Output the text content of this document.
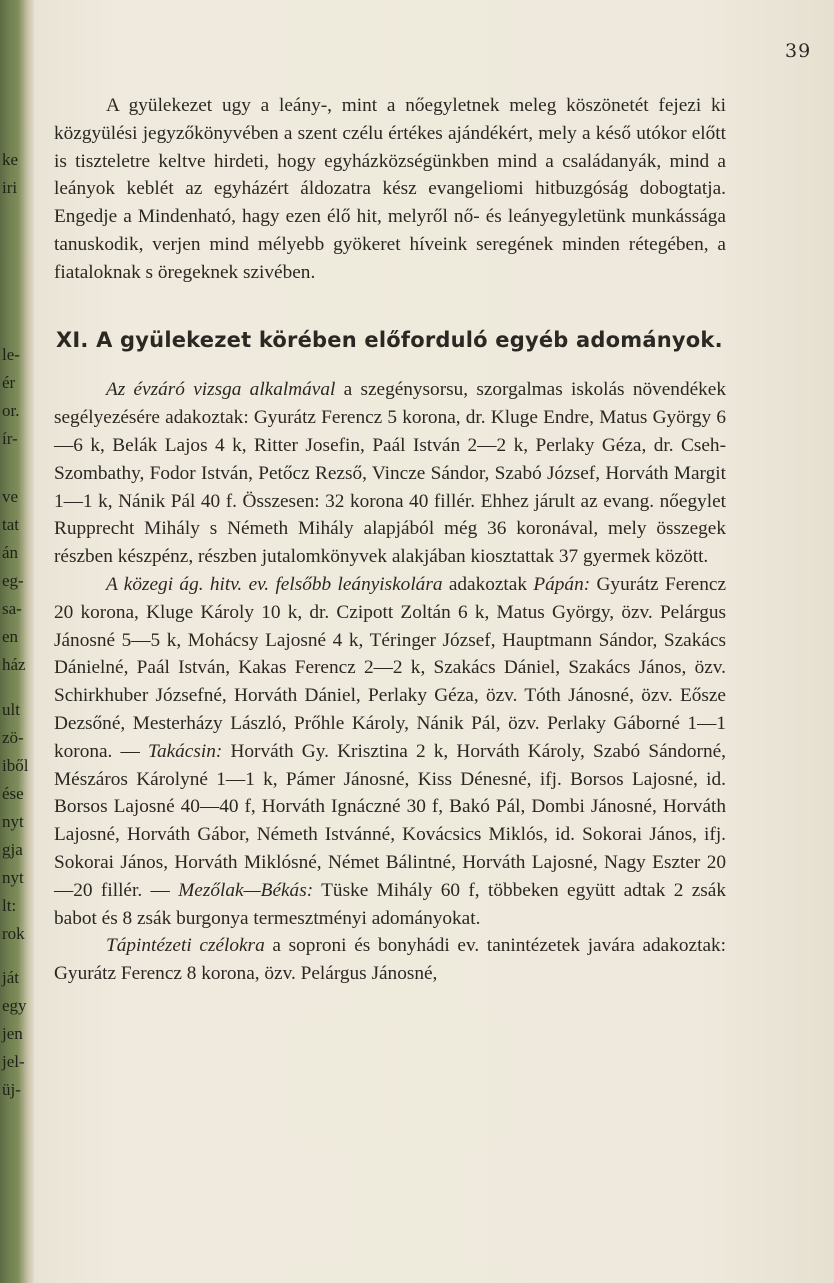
ke
iri
le-
ér
or.
ír-
ve
tat
án
eg-
sa-
en
ház
ult
zö-
iből
ése
nyt
gja
nyt
lt:
rok
ját
egy
jen
jel-
üj-
39

A gyülekezet ugy a leány-, mint a nőegyletnek meleg köszönetét fejezi ki közgyülési jegyzőkönyvében a szent czélu értékes ajándékért, mely a késő utókor előtt is tiszteletre keltve hirdeti, hogy egyházközségünkben mind a családanyák, mind a leányok keblét az egyházért áldozatra kész evangeliomi hitbuzgóság dobogtatja. Engedje a Mindenható, hagy ezen élő hit, melyről nő- és leányegyletünk munkássága tanuskodik, verjen mind mélyebb gyökeret híveink seregének minden rétegében, a fiataloknak s öregeknek szivében.

XI. A gyülekezet körében előforduló egyéb adományok.

Az évzáró vizsga alkalmával a szegénysorsu, szorgalmas iskolás növendékek segélyezésére adakoztak: Gyurátz Ferencz 5 korona, dr. Kluge Endre, Matus György 6—6 k, Belák Lajos 4 k, Ritter Josefin, Paál István 2—2 k, Perlaky Géza, dr. Cseh-Szombathy, Fodor István, Petőcz Rezső, Vincze Sándor, Szabó József, Horváth Margit 1—1 k, Nánik Pál 40 f. Összesen: 32 korona 40 fillér. Ehhez járult az evang. nőegylet Rupprecht Mihály s Németh Mihály alapjából még 36 koronával, mely összegek részben készpénz, részben jutalomkönyvek alakjában kiosztattak 37 gyermek között.

A közegi ág. hitv. ev. felsőbb leányiskolára adakoztak Pápán: Gyurátz Ferencz 20 korona, Kluge Károly 10 k, dr. Czipott Zoltán 6 k, Matus György, özv. Pelárgus Jánosné 5—5 k, Mohácsy Lajosné 4 k, Téringer József, Hauptmann Sándor, Szakács Dánielné, Paál István, Kakas Ferencz 2—2 k, Szakács Dániel, Szakács János, özv. Schirkhuber Józsefné, Horváth Dániel, Perlaky Géza, özv. Tóth Jánosné, özv. Eősze Dezsőné, Mesterházy László, Prőhle Károly, Nánik Pál, özv. Perlaky Gáborné 1—1 korona. — Takácsin: Horváth Gy. Krisztina 2 k, Horváth Károly, Szabó Sándorné, Mészáros Károlyné 1—1 k, Pámer Jánosné, Kiss Dénesné, ifj. Borsos Lajosné, id. Borsos Lajosné 40—40 f, Horváth Ignáczné 30 f, Bakó Pál, Dombi Jánosné, Horváth Lajosné, Horváth Gábor, Németh Istvánné, Kovácsics Miklós, id. Sokorai János, ifj. Sokorai János, Horváth Miklósné, Német Bálintné, Horváth Lajosné, Nagy Eszter 20—20 fillér. — Mezőlak—Békás: Tüske Mihály 60 f, többeken együtt adtak 2 zsák babot és 8 zsák burgonya termesztményi adományokat.

Tápintézeti czélokra a soproni és bonyhádi ev. tanintézetek javára adakoztak: Gyurátz Ferencz 8 korona, özv. Pelárgus Jánosné,
